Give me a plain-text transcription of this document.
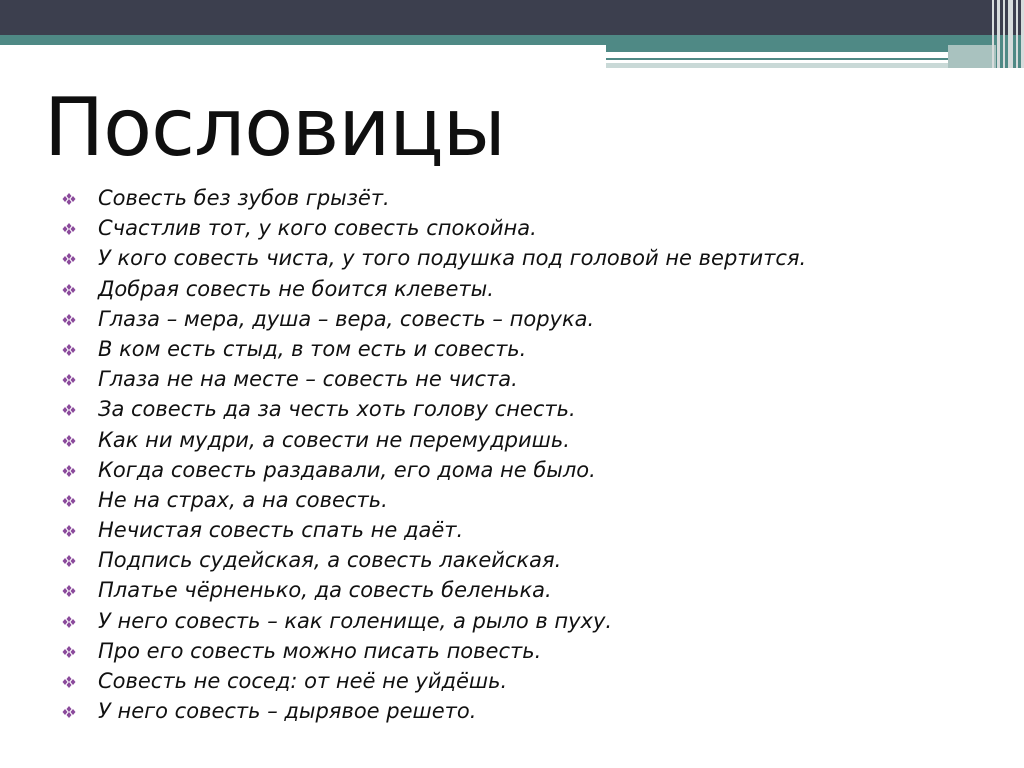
Пословицы
Совесть без зубов грызёт.
Счастлив тот, у кого совесть спокойна.
У кого совесть чиста, у того подушка под головой не вертится.
Добрая совесть не боится клеветы.
Глаза – мера, душа – вера, совесть – порука.
В ком есть стыд, в том есть и совесть.
Глаза не на месте – совесть не чиста.
За совесть да за честь хоть голову снесть.
Как ни мудри, а совести не перемудришь.
Когда совесть раздавали, его дома не было.
Не на страх, а на совесть.
Нечистая совесть спать не даёт.
Подпись судейская, а совесть лакейская.
Платье чёрненько, да совесть беленька.
У него совесть – как голенище, а рыло в пуху.
Про его совесть можно писать повесть.
Совесть не сосед: от неё не уйдёшь.
У него совесть – дырявое решето.
